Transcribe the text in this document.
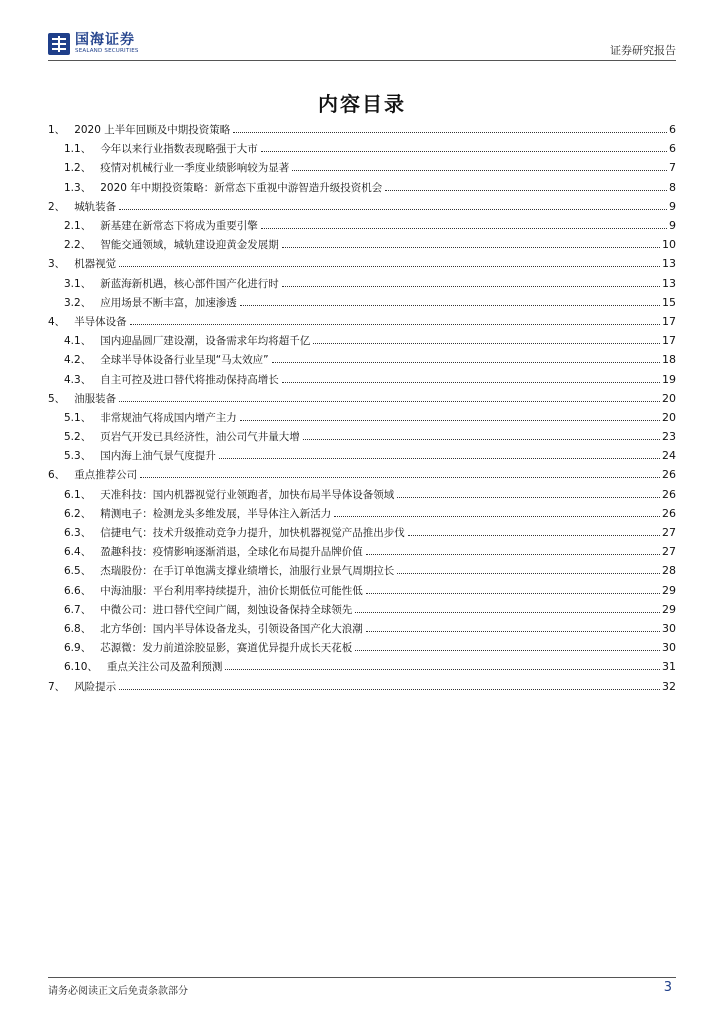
国海证券
SEALAND SECURITIES	证券研究报告
内容目录
1、 2020 上半年回顾及中期投资策略	6
1.1、 今年以来行业指数表现略强于大市	6
1.2、 疫情对机械行业一季度业绩影响较为显著	7
1.3、 2020 年中期投资策略：新常态下重视中游智造升级投资机会	8
2、 城轨装备	9
2.1、 新基建在新常态下将成为重要引擎	9
2.2、 智能交通领域，城轨建设迎黄金发展期	10
3、 机器视觉	13
3.1、 新蓝海新机遇，核心部件国产化进行时	13
3.2、 应用场景不断丰富，加速渗透	15
4、 半导体设备	17
4.1、 国内迎晶圆厂建设潮，设备需求年均将超千亿	17
4.2、 全球半导体设备行业呈现“马太效应”	18
4.3、 自主可控及进口替代将推动保持高增长	19
5、 油服装备	20
5.1、 非常规油气将成国内增产主力	20
5.2、 页岩气开发已具经济性，油公司气井量大增	23
5.3、 国内海上油气景气度提升	24
6、 重点推荐公司	26
6.1、 天准科技：国内机器视觉行业领跑者，加快布局半导体设备领域	26
6.2、 精测电子：检测龙头多维发展，半导体注入新活力	26
6.3、 信捷电气：技术升级推动竞争力提升，加快机器视觉产品推出步伐	27
6.4、 盈趣科技：疫情影响逐渐消退，全球化布局提升品牌价值	27
6.5、 杰瑞股份：在手订单饱满支撑业绩增长，油服行业景气周期拉长	28
6.6、 中海油服：平台利用率持续提升，油价长期低位可能性低	29
6.7、 中微公司：进口替代空间广阔，刻蚀设备保持全球领先	29
6.8、 北方华创：国内半导体设备龙头，引领设备国产化大浪潮	30
6.9、 芯源微：发力前道涂胶显影，赛道优异提升成长天花板	30
6.10、 重点关注公司及盈利预测	31
7、 风险提示	32
请务必阅读正文后免责条款部分	3
